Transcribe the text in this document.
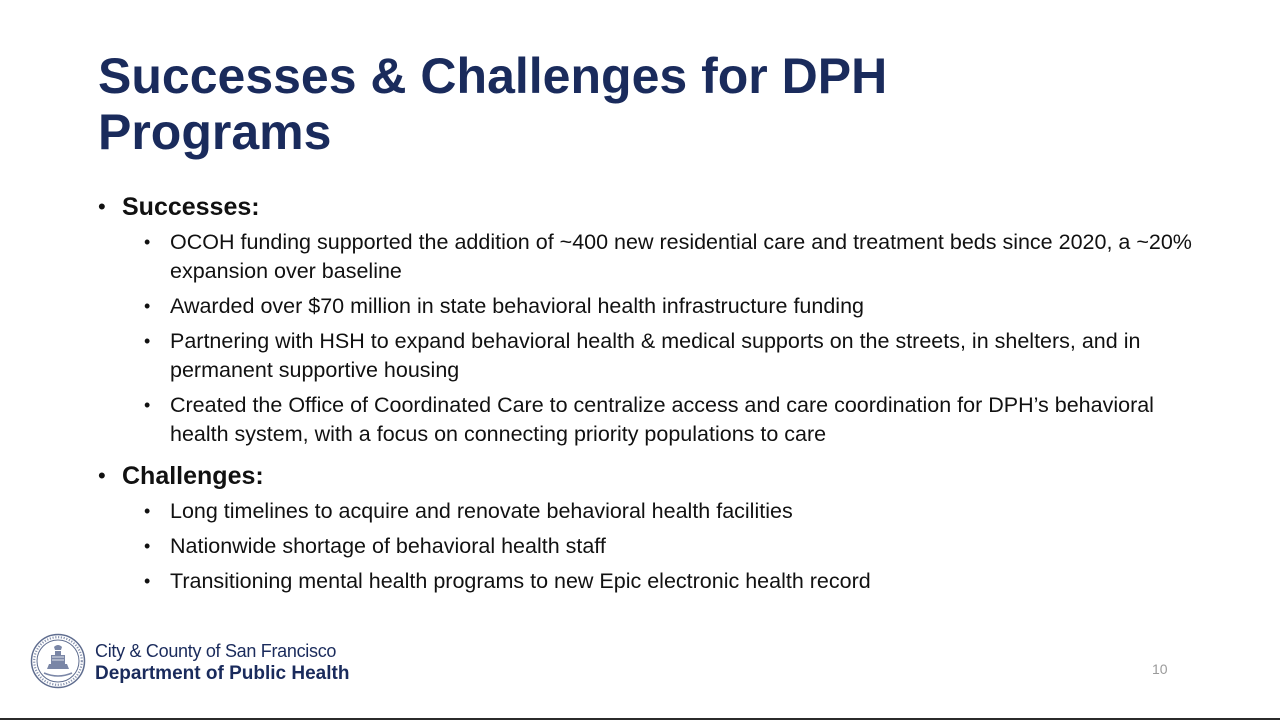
Successes & Challenges for DPH Programs
• Successes:
• OCOH funding supported the addition of ~400 new residential care and treatment beds since 2020, a ~20% expansion over baseline
• Awarded over $70 million in state behavioral health infrastructure funding
• Partnering with HSH to expand behavioral health & medical supports on the streets, in shelters, and in permanent supportive housing
• Created the Office of Coordinated Care to centralize access and care coordination for DPH’s behavioral health system, with a focus on connecting priority populations to care
• Challenges:
• Long timelines to acquire and renovate behavioral health facilities
• Nationwide shortage of behavioral health staff
• Transitioning mental health programs to new Epic electronic health record
City & County of San Francisco
Department of Public Health	10
